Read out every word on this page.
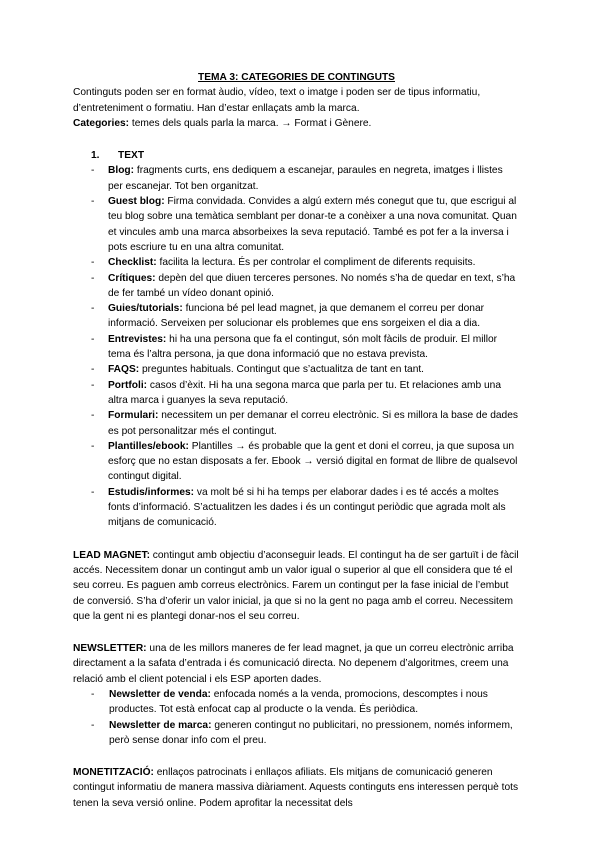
TEMA 3: CATEGORIES DE CONTINGUTS

Continguts poden ser en format àudio, vídeo, text o imatge i poden ser de tipus informatiu, d’entreteniment o formatiu. Han d’estar enllaçats amb la marca.

Categories: temes dels quals parla la marca. → Format i Gènere.

1.	TEXT
- Blog: fragments curts, ens dediquem a escanejar, paraules en negreta, imatges i llistes per escanejar. Tot ben organitzat.
- Guest blog: Firma convidada. Convides a algú extern més conegut que tu, que escrigui al teu blog sobre una temàtica semblant per donar-te a conèixer a una nova comunitat. Quan et vincules amb una marca absorbeixes la seva reputació. També es pot fer a la inversa i pots escriure tu en una altra comunitat.
- Checklist: facilita la lectura. És per controlar el compliment de diferents requisits.
- Crítiques: depèn del que diuen terceres persones. No només s’ha de quedar en text, s’ha de fer també un vídeo donant opinió.
- Guies/tutorials: funciona bé pel lead magnet, ja que demanem el correu per donar informació. Serveixen per solucionar els problemes que ens sorgeixen el dia a dia.
- Entrevistes: hi ha una persona que fa el contingut, són molt fàcils de produir. El millor tema és l’altra persona, ja que dona informació que no estava prevista.
- FAQS: preguntes habituals. Contingut que s’actualitza de tant en tant.
- Portfoli: casos d’èxit. Hi ha una segona marca que parla per tu. Et relaciones amb una altra marca i guanyes la seva reputació.
- Formulari: necessitem un per demanar el correu electrònic. Si es millora la base de dades es pot personalitzar més el contingut.
- Plantilles/ebook: Plantilles → és probable que la gent et doni el correu, ja que suposa un esforç que no estan disposats a fer. Ebook → versió digital en format de llibre de qualsevol contingut digital.
- Estudis/informes: va molt bé si hi ha temps per elaborar dades i es té accés a moltes fonts d’informació. S’actualitzen les dades i és un contingut periòdic que agrada molt als mitjans de comunicació.

LEAD MAGNET: contingut amb objectiu d’aconseguir leads. El contingut ha de ser gartuït i de fàcil accés. Necessitem donar un contingut amb un valor igual o superior al que ell considera que té el seu correu. Es paguen amb correus electrònics. Farem un contingut per la fase inicial de l’embut de conversió. S’ha d’oferir un valor inicial, ja que si no la gent no paga amb el correu. Necessitem que la gent ni es plantegi donar-nos el seu correu.

NEWSLETTER: una de les millors maneres de fer lead magnet, ja que un correu electrònic arriba directament a la safata d’entrada i és comunicació directa. No depenem d’algoritmes, creem una relació amb el client potencial i els ESP aporten dades.

- Newsletter de venda: enfocada només a la venda, promocions, descomptes i nous productes. Tot està enfocat cap al producte o la venda. És periòdica.
- Newsletter de marca: generen contingut no publicitari, no pressionem, només informem, però sense donar info com el preu.

MONETITZACIÓ: enllaços patrocinats i enllaços afiliats. Els mitjans de comunicació generen contingut informatiu de manera massiva diàriament. Aquests continguts ens interessen perquè tots tenen la seva versió online. Podem aprofitar la necessitat dels
